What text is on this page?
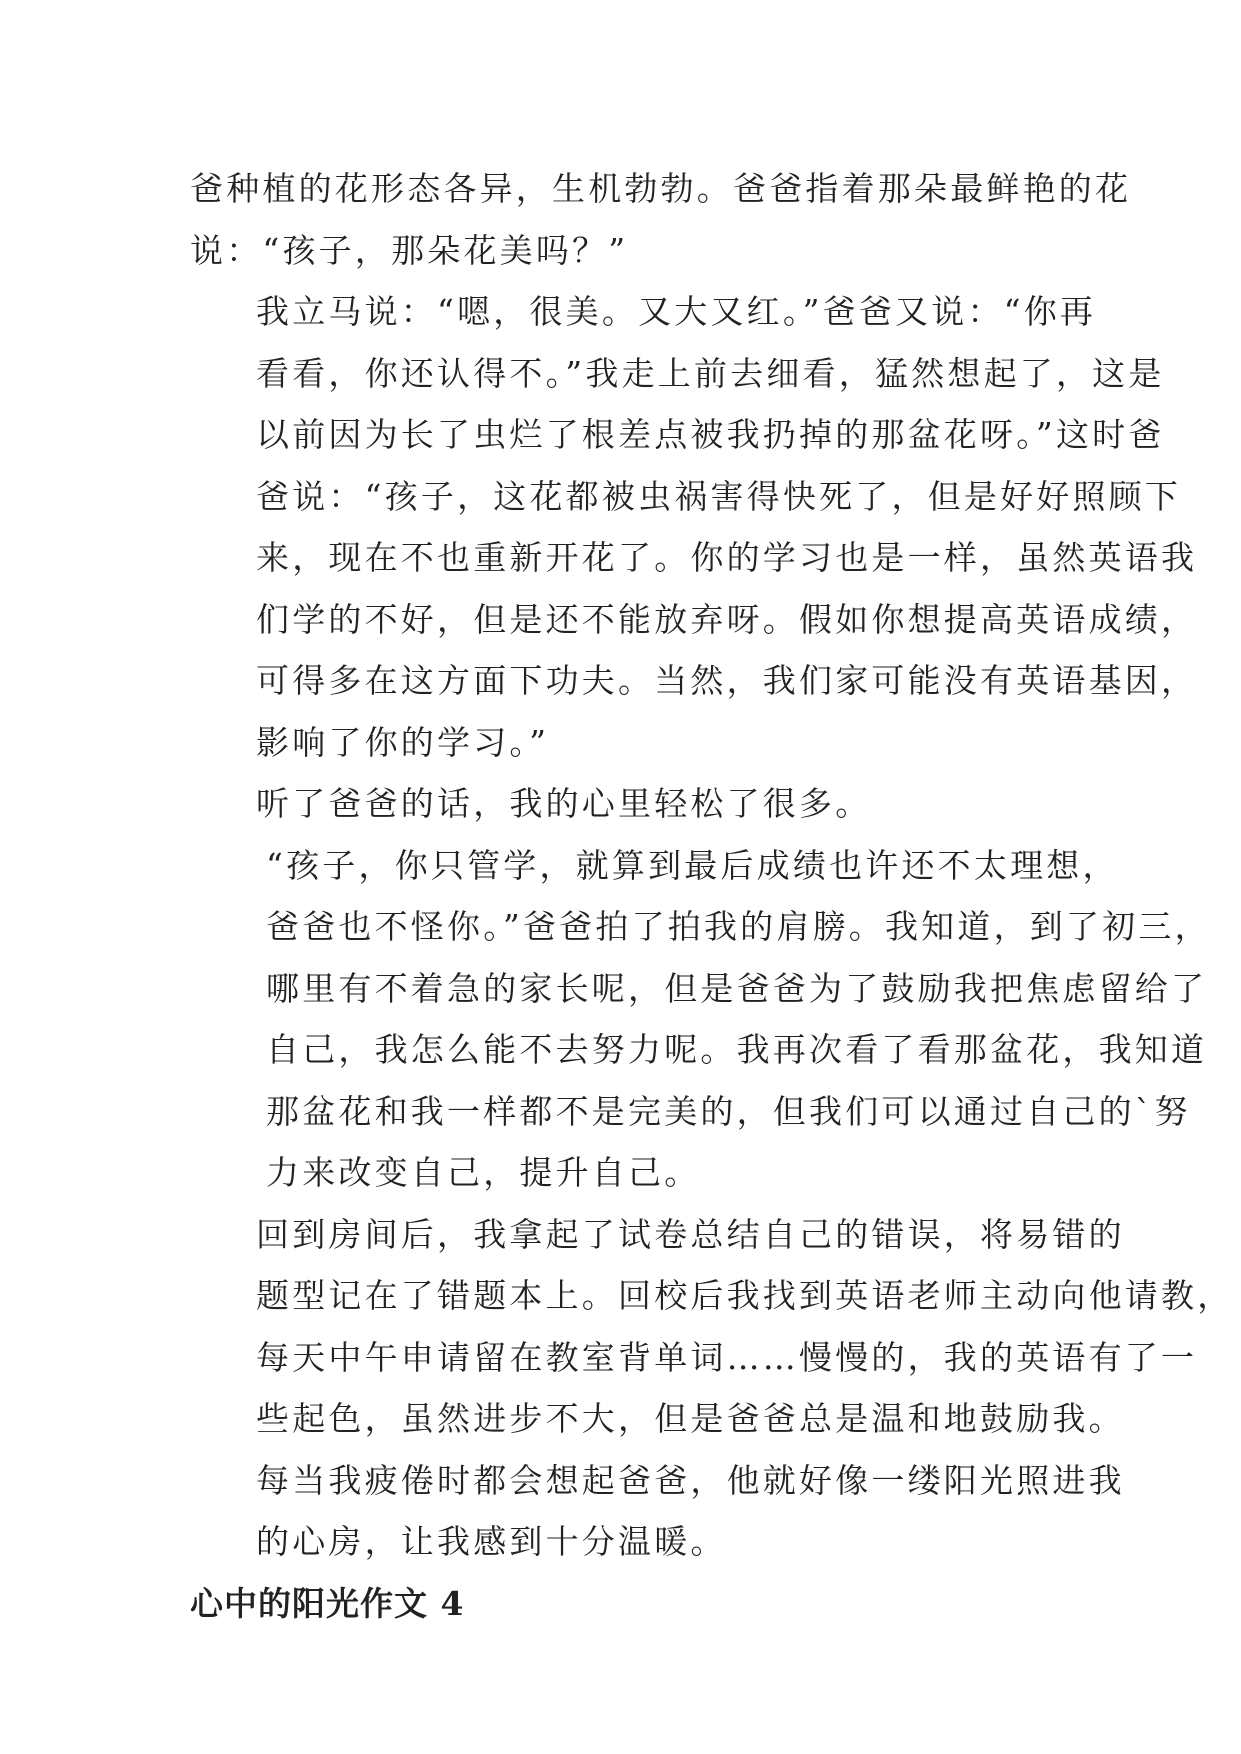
爸种植的花形态各异，生机勃勃。爸爸指着那朵最鲜艳的花
说：“孩子，那朵花美吗？”

我立马说：“嗯，很美。又大又红。”爸爸又说：“你再
看看，你还认得不。”我走上前去细看，猛然想起了，这是
以前因为长了虫烂了根差点被我扔掉的那盆花呀。”这时爸
爸说：“孩子，这花都被虫祸害得快死了，但是好好照顾下
来，现在不也重新开花了。你的学习也是一样，虽然英语我
们学的不好，但是还不能放弃呀。假如你想提高英语成绩，
可得多在这方面下功夫。当然，我们家可能没有英语基因，
影响了你的学习。”

听了爸爸的话，我的心里轻松了很多。

“孩子，你只管学，就算到最后成绩也许还不太理想，
爸爸也不怪你。”爸爸拍了拍我的肩膀。我知道，到了初三，
哪里有不着急的家长呢，但是爸爸为了鼓励我把焦虑留给了
自己，我怎么能不去努力呢。我再次看了看那盆花，我知道
那盆花和我一样都不是完美的，但我们可以通过自己的`努
力来改变自己，提升自己。

回到房间后，我拿起了试卷总结自己的错误，将易错的
题型记在了错题本上。回校后我找到英语老师主动向他请教，
每天中午申请留在教室背单词……慢慢的，我的英语有了一
些起色，虽然进步不大，但是爸爸总是温和地鼓励我。

每当我疲倦时都会想起爸爸，他就好像一缕阳光照进我
的心房，让我感到十分温暖。

心中的阳光作文 4
